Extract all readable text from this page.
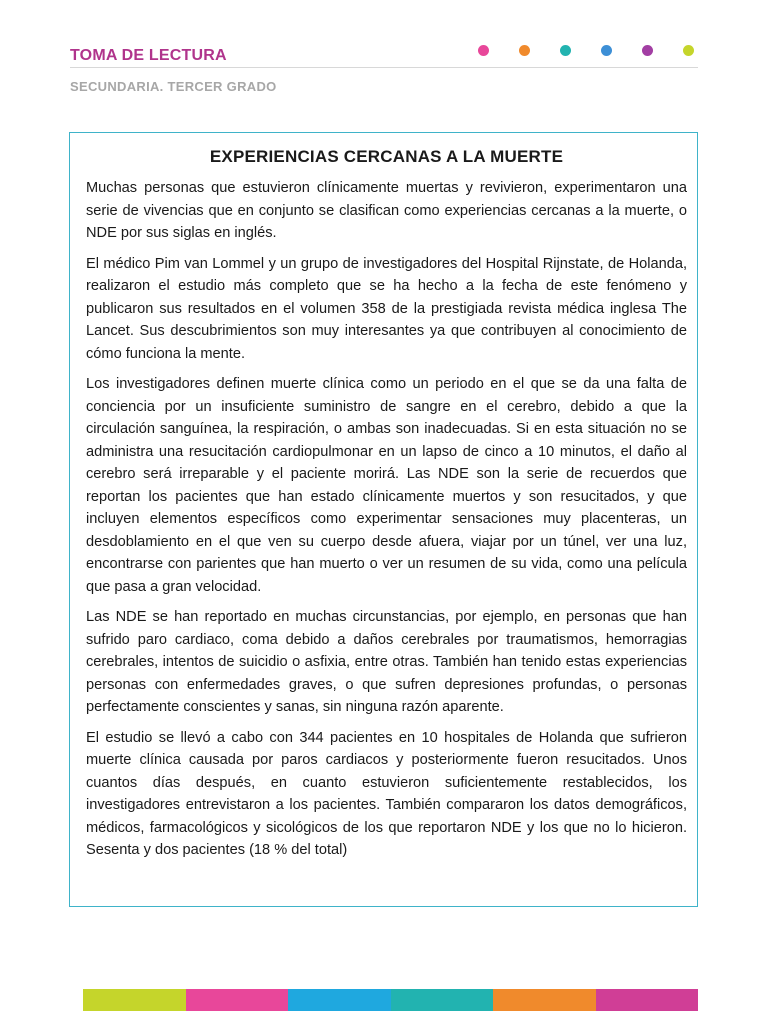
TOMA DE LECTURA
SECUNDARIA. TERCER GRADO
EXPERIENCIAS CERCANAS A LA MUERTE

Muchas personas que estuvieron clínicamente muertas y revivieron, experimentaron una serie de vivencias que en conjunto se clasifican como experiencias cercanas a la muerte, o NDE por sus siglas en inglés.

El médico Pim van Lommel y un grupo de investigadores del Hospital Rijnstate, de Holanda, realizaron el estudio más completo que se ha hecho a la fecha de este fenómeno y publicaron sus resultados en el volumen 358 de la prestigiada revista médica inglesa The Lancet. Sus descubrimientos son muy interesantes ya que contribuyen al conocimiento de cómo funciona la mente.

Los investigadores definen muerte clínica como un periodo en el que se da una falta de conciencia por un insuficiente suministro de sangre en el cerebro, debido a que la circulación sanguínea, la respiración, o ambas son inadecuadas. Si en esta situación no se administra una resucitación cardiopulmonar en un lapso de cinco a 10 minutos, el daño al cerebro será irreparable y el paciente morirá. Las NDE son la serie de recuerdos que reportan los pacientes que han estado clínicamente muertos y son resucitados, y que incluyen elementos específicos como experimentar sensaciones muy placenteras, un desdoblamiento en el que ven su cuerpo desde afuera, viajar por un túnel, ver una luz, encontrarse con parientes que han muerto o ver un resumen de su vida, como una película que pasa a gran velocidad.

Las NDE se han reportado en muchas circunstancias, por ejemplo, en personas que han sufrido paro cardiaco, coma debido a daños cerebrales por traumatismos, hemorragias cerebrales, intentos de suicidio o asfixia, entre otras. También han tenido estas experiencias personas con enfermedades graves, o que sufren depresiones profundas, o personas perfectamente conscientes y sanas, sin ninguna razón aparente.

El estudio se llevó a cabo con 344 pacientes en 10 hospitales de Holanda que sufrieron muerte clínica causada por paros cardiacos y posteriormente fueron resucitados. Unos cuantos días después, en cuanto estuvieron suficientemente restablecidos, los investigadores entrevistaron a los pacientes. También compararon los datos demográficos, médicos, farmacológicos y sicológicos de los que reportaron NDE y los que no lo hicieron. Sesenta y dos pacientes (18 % del total)
